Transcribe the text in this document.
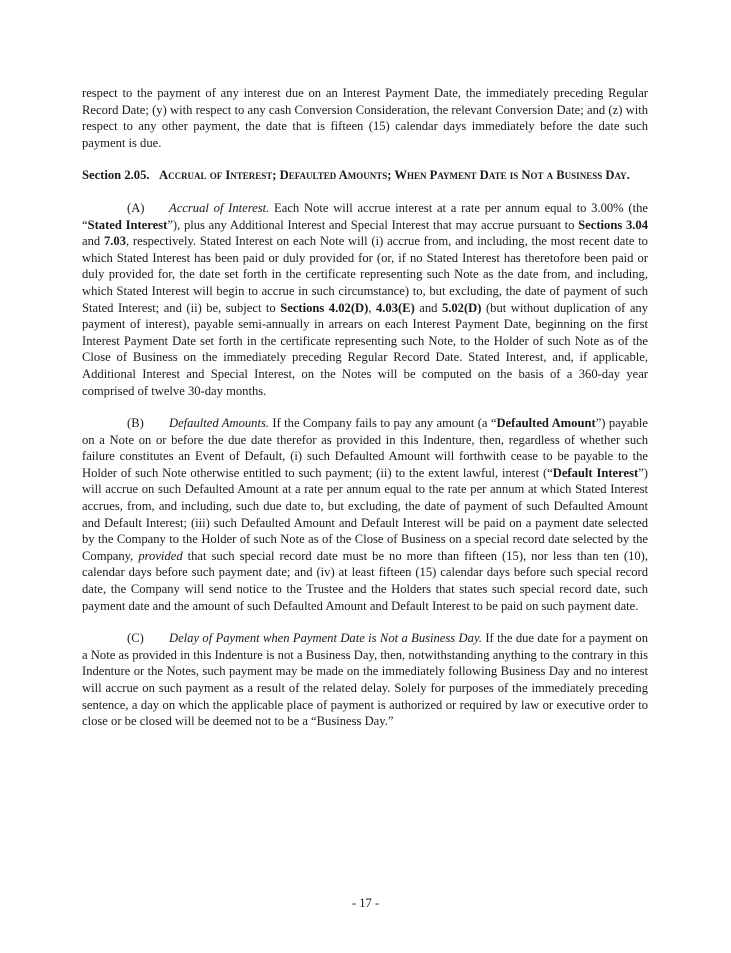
respect to the payment of any interest due on an Interest Payment Date, the immediately preceding Regular Record Date; (y) with respect to any cash Conversion Consideration, the relevant Conversion Date; and (z) with respect to any other payment, the date that is fifteen (15) calendar days immediately before the date such payment is due.

Section 2.05. Accrual of Interest; Defaulted Amounts; When Payment Date is Not a Business Day.

(A) Accrual of Interest. Each Note will accrue interest at a rate per annum equal to 3.00% (the “Stated Interest”), plus any Additional Interest and Special Interest that may accrue pursuant to Sections 3.04 and 7.03, respectively. Stated Interest on each Note will (i) accrue from, and including, the most recent date to which Stated Interest has been paid or duly provided for (or, if no Stated Interest has theretofore been paid or duly provided for, the date set forth in the certificate representing such Note as the date from, and including, which Stated Interest will begin to accrue in such circumstance) to, but excluding, the date of payment of such Stated Interest; and (ii) be, subject to Sections 4.02(D), 4.03(E) and 5.02(D) (but without duplication of any payment of interest), payable semi-annually in arrears on each Interest Payment Date, beginning on the first Interest Payment Date set forth in the certificate representing such Note, to the Holder of such Note as of the Close of Business on the immediately preceding Regular Record Date. Stated Interest, and, if applicable, Additional Interest and Special Interest, on the Notes will be computed on the basis of a 360-day year comprised of twelve 30-day months.

(B) Defaulted Amounts. If the Company fails to pay any amount (a “Defaulted Amount”) payable on a Note on or before the due date therefor as provided in this Indenture, then, regardless of whether such failure constitutes an Event of Default, (i) such Defaulted Amount will forthwith cease to be payable to the Holder of such Note otherwise entitled to such payment; (ii) to the extent lawful, interest (“Default Interest”) will accrue on such Defaulted Amount at a rate per annum equal to the rate per annum at which Stated Interest accrues, from, and including, such due date to, but excluding, the date of payment of such Defaulted Amount and Default Interest; (iii) such Defaulted Amount and Default Interest will be paid on a payment date selected by the Company to the Holder of such Note as of the Close of Business on a special record date selected by the Company, provided that such special record date must be no more than fifteen (15), nor less than ten (10), calendar days before such payment date; and (iv) at least fifteen (15) calendar days before such special record date, the Company will send notice to the Trustee and the Holders that states such special record date, such payment date and the amount of such Defaulted Amount and Default Interest to be paid on such payment date.

(C) Delay of Payment when Payment Date is Not a Business Day. If the due date for a payment on a Note as provided in this Indenture is not a Business Day, then, notwithstanding anything to the contrary in this Indenture or the Notes, such payment may be made on the immediately following Business Day and no interest will accrue on such payment as a result of the related delay. Solely for purposes of the immediately preceding sentence, a day on which the applicable place of payment is authorized or required by law or executive order to close or be closed will be deemed not to be a “Business Day.”

- 17 -
